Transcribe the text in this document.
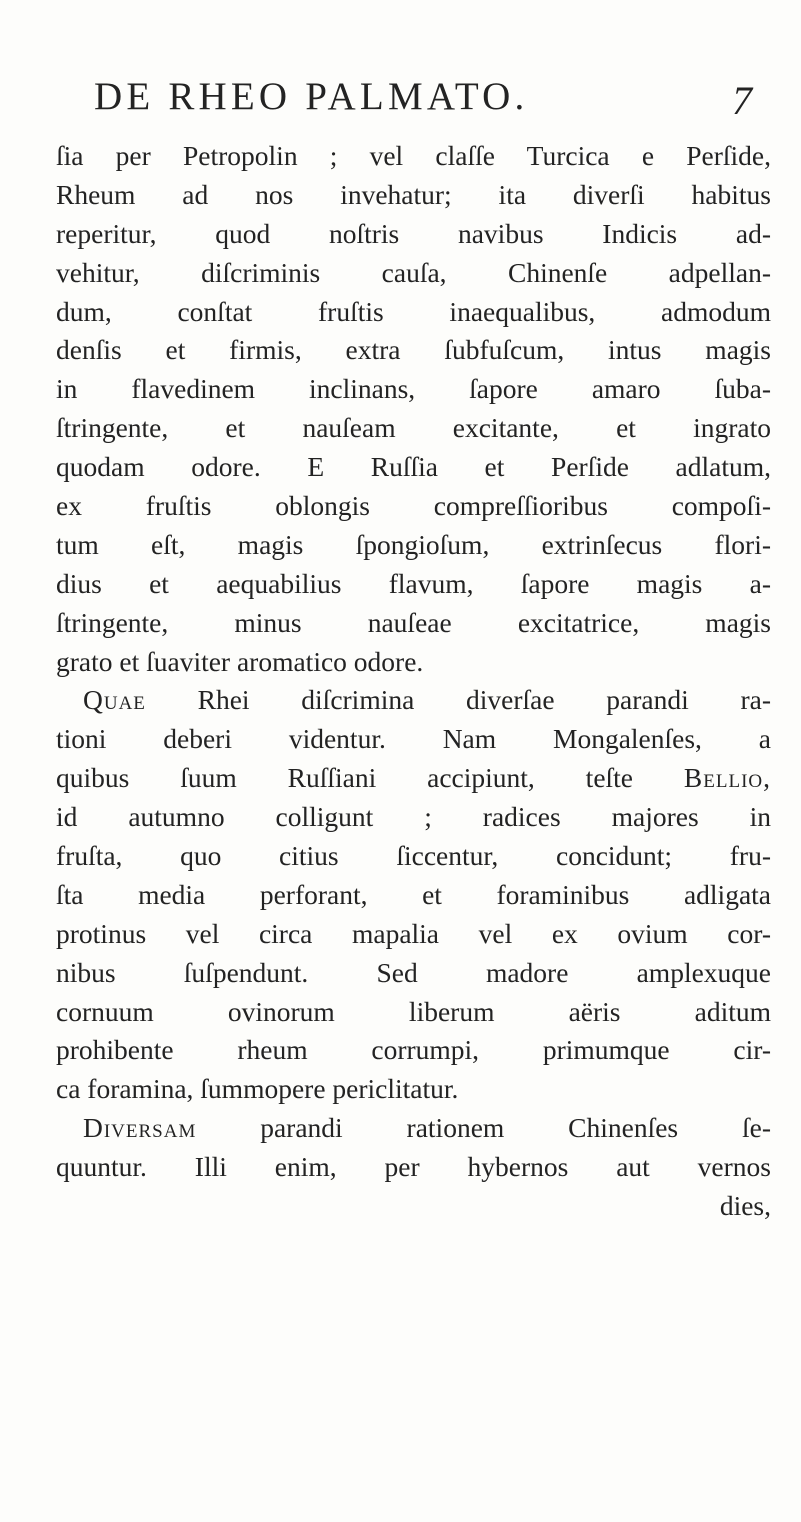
DE RHEO PALMATO.	7
ſia per Petropolin ; vel claſſe Turcica e Perſide,
Rheum ad nos invehatur; ita diverſi habitus
reperitur, quod noſtris navibus Indicis ad-
vehitur, diſcriminis cauſa, Chinenſe adpellan-
dum, conſtat fruſtis inaequalibus, admodum
denſis et firmis, extra ſubfuſcum, intus magis
in flavedinem inclinans, ſapore amaro ſuba-
ſtringente, et nauſeam excitante, et ingrato
quodam odore. E Ruſſia et Perſide adlatum,
ex fruſtis oblongis compreſſioribus compoſi-
tum eſt, magis ſpongioſum, extrinſecus flori-
dius et aequabilius flavum, ſapore magis a-
ſtringente, minus nauſeae excitatrice, magis
grato et ſuaviter aromatico odore.
Quae Rhei diſcrimina diverſae parandi ra-
tioni deberi videntur. Nam Mongalenſes, a
quibus ſuum Ruſſiani accipiunt, teſte Bellio,
id autumno colligunt ; radices majores in
fruſta, quo citius ſiccentur, concidunt; fru-
ſta media perforant, et foraminibus adligata
protinus vel circa mapalia vel ex ovium cor-
nibus ſuſpendunt. Sed madore amplexuque
cornuum ovinorum liberum aëris aditum
prohibente rheum corrumpi, primumque cir-
ca foramina, ſummopere periclitatur.
Diversam parandi rationem Chinenſes ſe-
quuntur. Illi enim, per hybernos aut vernos
dies,
